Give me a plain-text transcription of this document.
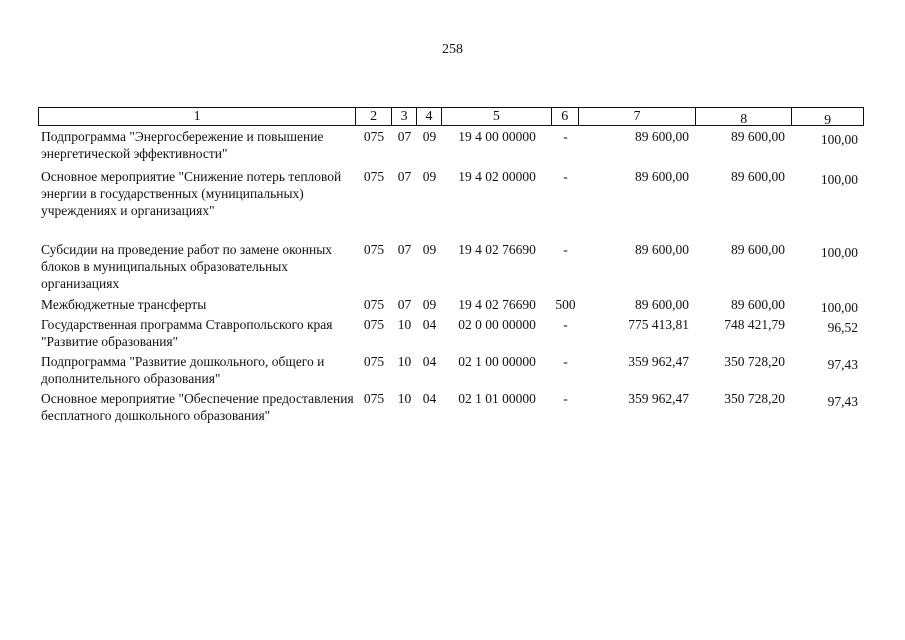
258
1	2	3	4	5	6	7	8	9
Подпрограмма "Энергосбережение и повышение энергетической эффективности"
075	07 09	19 4 00 00000	-	89 600,00	89 600,00	100,00
Основное мероприятие "Снижение потерь тепловой энергии в государственных (муниципальных) учреждениях и организациях"
075	07 09	19 4 02 00000	-	89 600,00	89 600,00	100,00
Субсидии на проведение работ по замене оконных блоков в муниципальных образовательных организациях
075	07 09	19 4 02 76690	-	89 600,00	89 600,00	100,00
Межбюджетные трансферты	075	07 09	19 4 02 76690	500	89 600,00	89 600,00	100,00
Государственная программа Ставропольского края "Развитие образования"
075	10 04	02 0 00 00000	-	775 413,81	748 421,79	96,52
Подпрограмма "Развитие дошкольного, общего и дополнительного образования"
075	10 04	02 1 00 00000	-	359 962,47	350 728,20	97,43
Основное мероприятие "Обеспечение предоставления бесплатного дошкольного образования"
075	10 04	02 1 01 00000	-	359 962,47	350 728,20	97,43
